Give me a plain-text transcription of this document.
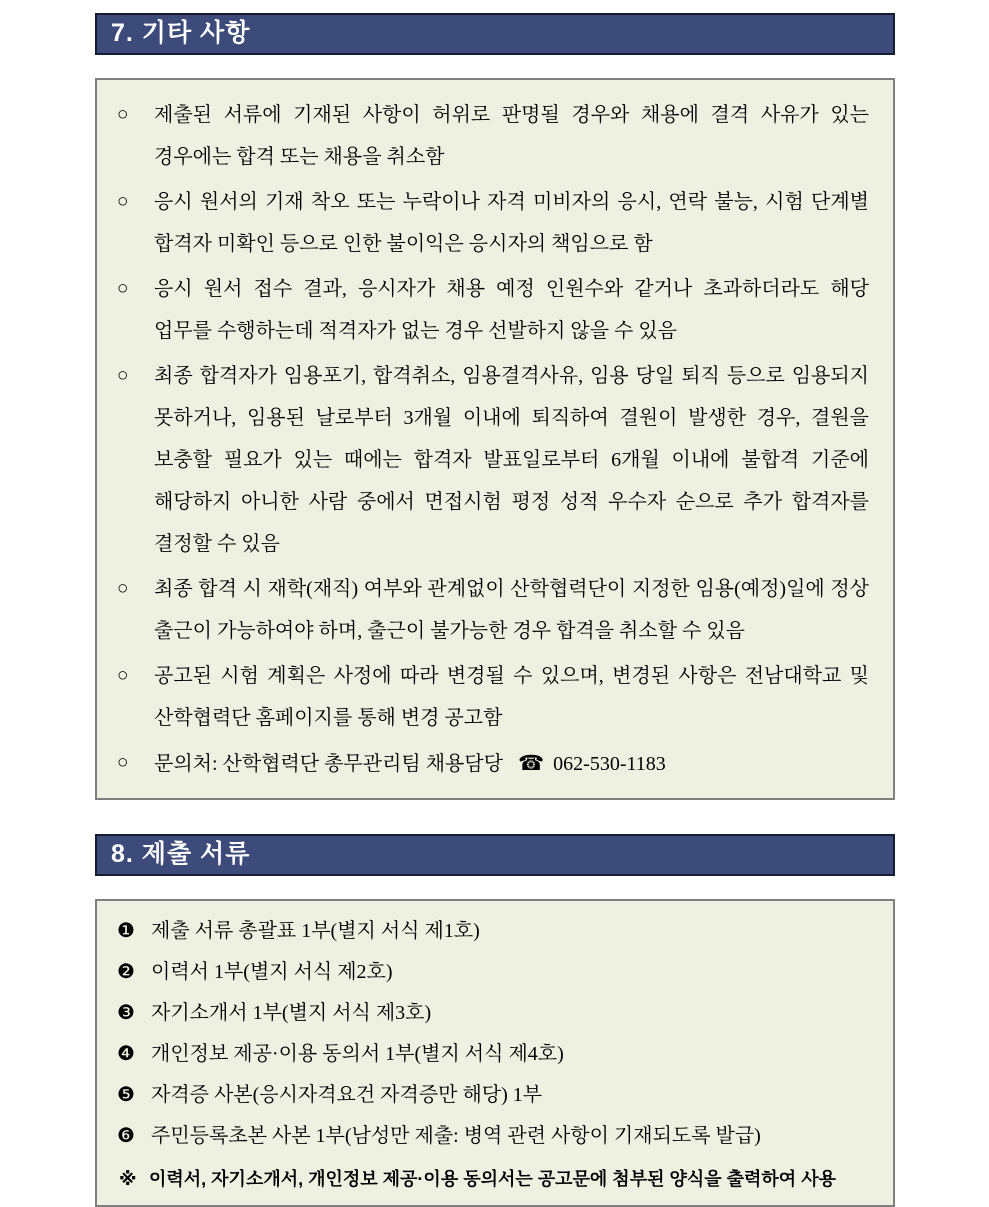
7. 기타 사항
○	제출된 서류에 기재된 사항이 허위로 판명될 경우와 채용에 결격 사유가 있는 경우에는 합격 또는 채용을 취소함
○	응시 원서의 기재 착오 또는 누락이나 자격 미비자의 응시, 연락 불능, 시험 단계별 합격자 미확인 등으로 인한 불이익은 응시자의 책임으로 함
○	응시 원서 접수 결과, 응시자가 채용 예정 인원수와 같거나 초과하더라도 해당 업무를 수행하는데 적격자가 없는 경우 선발하지 않을 수 있음
○	최종 합격자가 임용포기, 합격취소, 임용결격사유, 임용 당일 퇴직 등으로 임용되지 못하거나, 임용된 날로부터 3개월 이내에 퇴직하여 결원이 발생한 경우, 결원을 보충할 필요가 있는 때에는 합격자 발표일로부터 6개월 이내에 불합격 기준에 해당하지 아니한 사람 중에서 면접시험 평정 성적 우수자 순으로 추가 합격자를 결정할 수 있음
○	최종 합격 시 재학(재직) 여부와 관계없이 산학협력단이 지정한 임용(예정)일에 정상 출근이 가능하여야 하며, 출근이 불가능한 경우 합격을 취소할 수 있음
○	공고된 시험 계획은 사정에 따라 변경될 수 있으며, 변경된 사항은 전남대학교 및 산학협력단 홈페이지를 통해 변경 공고함
○	문의처: 산학협력단 총무관리팀 채용담당 ☎ 062-530-1183
8. 제출 서류
❶ 제출 서류 총괄표 1부(별지 서식 제1호)
❷ 이력서 1부(별지 서식 제2호)
❸ 자기소개서 1부(별지 서식 제3호)
❹ 개인정보 제공·이용 동의서 1부(별지 서식 제4호)
❺ 자격증 사본(응시자격요건 자격증만 해당) 1부
❻ 주민등록초본 사본 1부(남성만 제출: 병역 관련 사항이 기재되도록 발급)
※ 이력서, 자기소개서, 개인정보 제공·이용 동의서는 공고문에 첨부된 양식을 출력하여 사용
